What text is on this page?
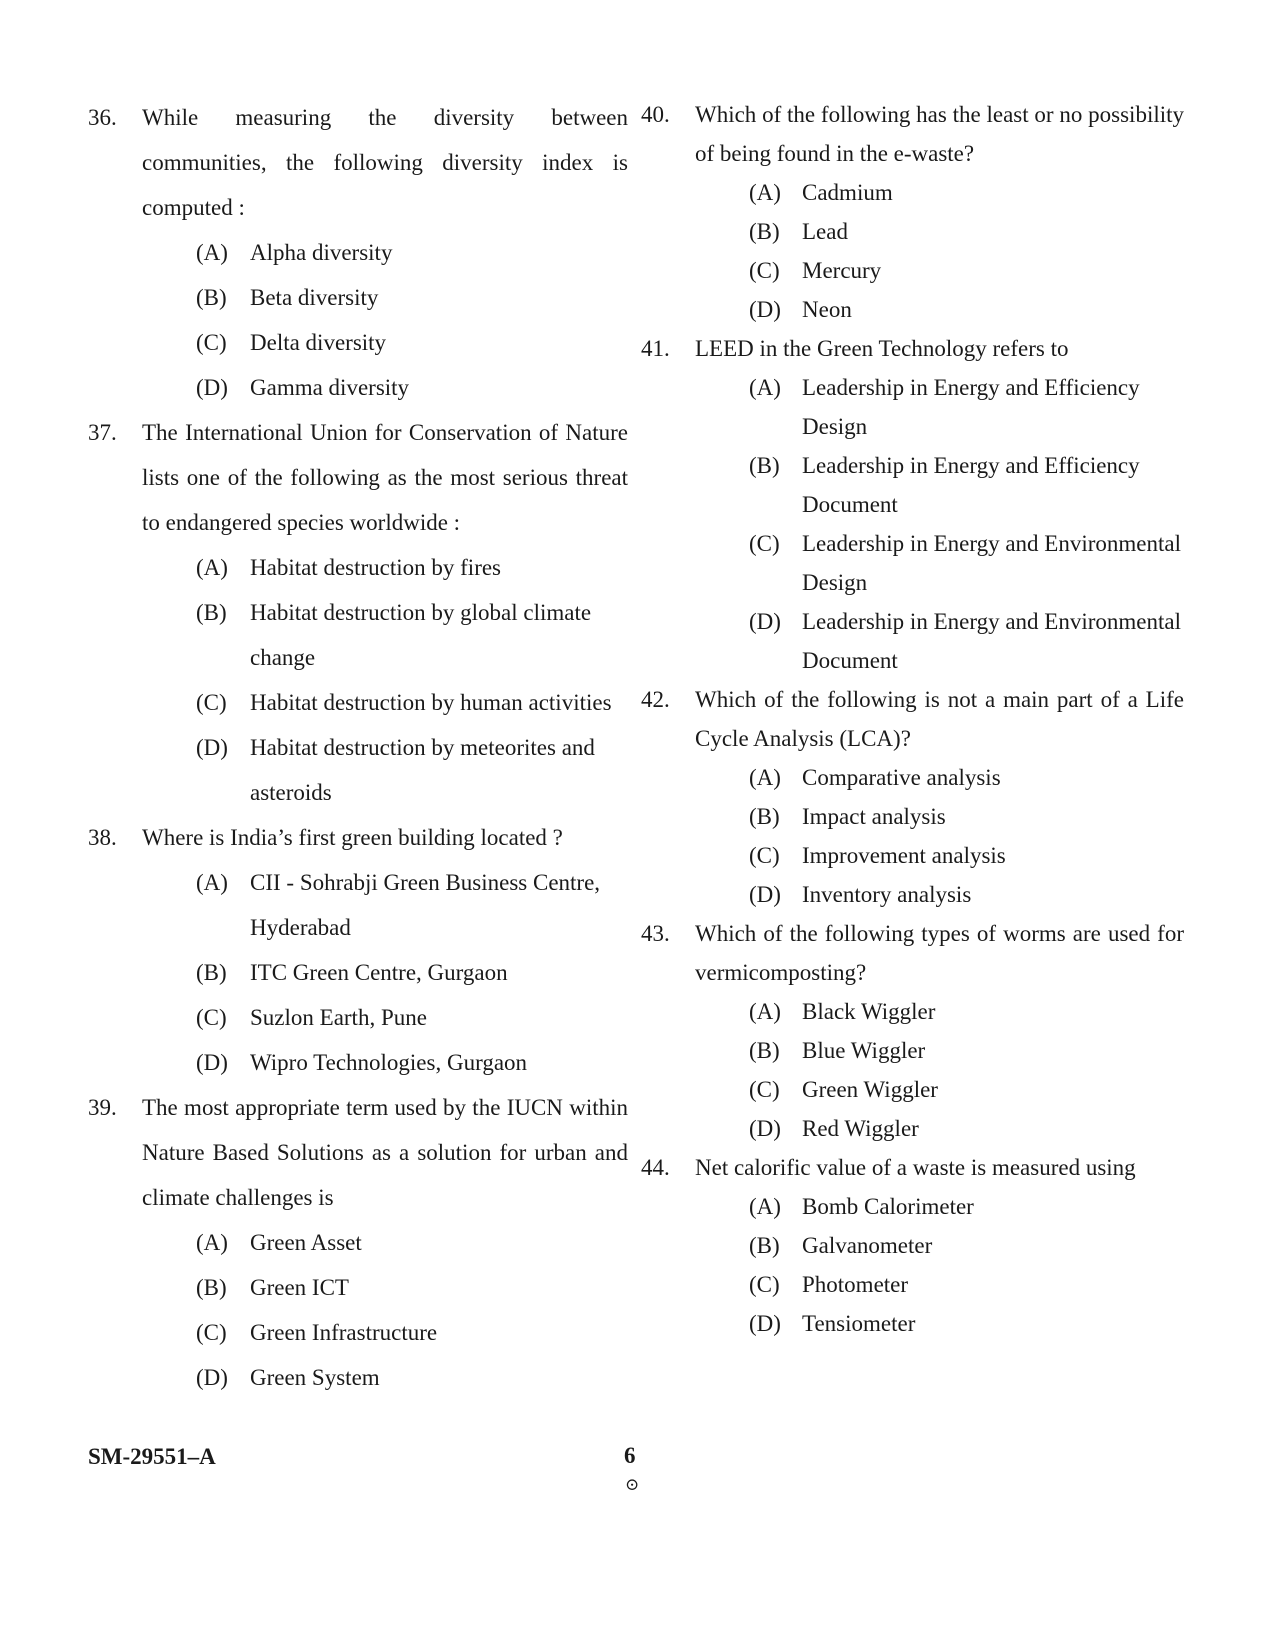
36. While measuring the diversity between communities, the following diversity index is computed :
(A) Alpha diversity
(B) Beta diversity
(C) Delta diversity
(D) Gamma diversity
37. The International Union for Conservation of Nature lists one of the following as the most serious threat to endangered species worldwide :
(A) Habitat destruction by fires
(B) Habitat destruction by global climate change
(C) Habitat destruction by human activities
(D) Habitat destruction by meteorites and asteroids
38. Where is India’s first green building located ?
(A) CII - Sohrabji Green Business Centre, Hyderabad
(B) ITC Green Centre, Gurgaon
(C) Suzlon Earth, Pune
(D) Wipro Technologies, Gurgaon
39. The most appropriate term used by the IUCN within Nature Based Solutions as a solution for urban and climate challenges is
(A) Green Asset
(B) Green ICT
(C) Green Infrastructure
(D) Green System
40. Which of the following has the least or no possibility of being found in the e-waste?
(A) Cadmium
(B) Lead
(C) Mercury
(D) Neon
41. LEED in the Green Technology refers to
(A) Leadership in Energy and Efficiency Design
(B) Leadership in Energy and Efficiency Document
(C) Leadership in Energy and Environmental Design
(D) Leadership in Energy and Environmental Document
42. Which of the following is not a main part of a Life Cycle Analysis (LCA)?
(A) Comparative analysis
(B) Impact analysis
(C) Improvement analysis
(D) Inventory analysis
43. Which of the following types of worms are used for vermicomposting?
(A) Black Wiggler
(B) Blue Wiggler
(C) Green Wiggler
(D) Red Wiggler
44. Net calorific value of a waste is measured using
(A) Bomb Calorimeter
(B) Galvanometer
(C) Photometer
(D) Tensiometer
SM-29551–A	6
⊙
